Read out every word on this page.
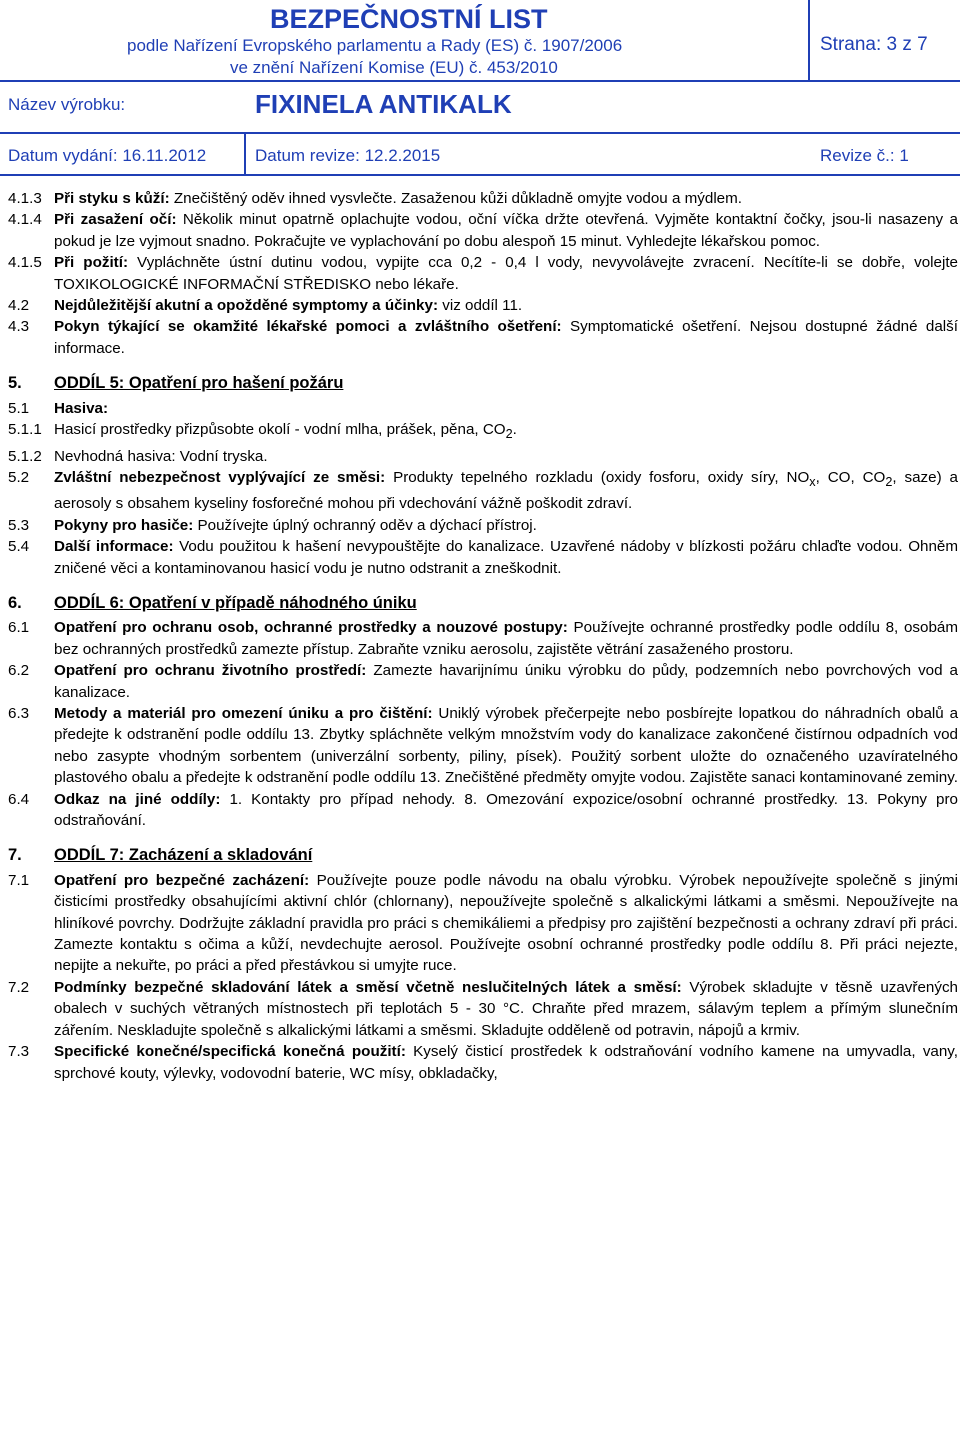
BEZPEČNOSTNÍ LIST
podle Nařízení Evropského parlamentu a Rady (ES) č. 1907/2006
ve znění Nařízení Komise (EU) č. 453/2010
Strana: 3 z 7
Název výrobku:	FIXINELA ANTIKALK
Datum vydání: 16.11.2012	Datum revize: 12.2.2015	Revize č.: 1
4.1.3 Při styku s kůží: Znečištěný oděv ihned vysvlečte. Zasaženou kůži důkladně omyjte vodou a mýdlem.
4.1.4 Při zasažení očí: Několik minut opatrně oplachujte vodou, oční víčka držte otevřená. Vyjměte kontaktní čočky, jsou-li nasazeny a pokud je lze vyjmout snadno. Pokračujte ve vyplachování po dobu alespoň 15 minut. Vyhledejte lékařskou pomoc.
4.1.5 Při požití: Vypláchněte ústní dutinu vodou, vypijte cca 0,2 - 0,4 l vody, nevyvolávejte zvracení. Necítíte-li se dobře, volejte TOXIKOLOGICKÉ INFORMAČNÍ STŘEDISKO nebo lékaře.
4.2	Nejdůležitější akutní a opožděné symptomy a účinky: viz oddíl 11.
4.3	Pokyn týkající se okamžité lékařské pomoci a zvláštního ošetření: Symptomatické ošetření. Nejsou dostupné žádné další informace.
5.	ODDÍL 5: Opatření pro hašení požáru
5.1	Hasiva:
5.1.1 Hasicí prostředky přizpůsobte okolí - vodní mlha, prášek, pěna, $CO_2$.
5.1.2 Nevhodná hasiva: Vodní tryska.
5.2	Zvláštní nebezpečnost vyplývající ze směsi: Produkty tepelného rozkladu (oxidy fosforu, oxidy síry, $NO_x$, CO, $CO_2$, saze) a aerosoly s obsahem kyseliny fosforečné mohou při vdechování vážně poškodit zdraví.
5.3	Pokyny pro hasiče: Používejte úplný ochranný oděv a dýchací přístroj.
5.4	Další informace: Vodu použitou k hašení nevypouštějte do kanalizace. Uzavřené nádoby v blízkosti požáru chlaďte vodou. Ohněm zničené věci a kontaminovanou hasicí vodu je nutno odstranit a zneškodnit.
6.	ODDÍL 6: Opatření v případě náhodného úniku
6.1	Opatření pro ochranu osob, ochranné prostředky a nouzové postupy: Používejte ochranné prostředky podle oddílu 8, osobám bez ochranných prostředků zamezte přístup. Zabraňte vzniku aerosolu, zajistěte větrání zasaženého prostoru.
6.2	Opatření pro ochranu životního prostředí: Zamezte havarijnímu úniku výrobku do půdy, podzemních nebo povrchových vod a kanalizace.
6.3	Metody a materiál pro omezení úniku a pro čištění: Uniklý výrobek přečerpejte nebo posbírejte lopatkou do náhradních obalů a předejte k odstranění podle oddílu 13. Zbytky spláchněte velkým množstvím vody do kanalizace zakončené čistírnou odpadních vod nebo zasypte vhodným sorbentem (univerzální sorbenty, piliny, písek). Použitý sorbent uložte do označeného uzavíratelného plastového obalu a předejte k odstranění podle oddílu 13. Znečištěné předměty omyjte vodou. Zajistěte sanaci kontaminované zeminy.
6.4	Odkaz na jiné oddíly: 1. Kontakty pro případ nehody. 8. Omezování expozice/osobní ochranné prostředky. 13. Pokyny pro odstraňování.
7.	ODDÍL 7: Zacházení a skladování
7.1	Opatření pro bezpečné zacházení: Používejte pouze podle návodu na obalu výrobku. Výrobek nepoužívejte společně s jinými čisticími prostředky obsahujícími aktivní chlór (chlornany), nepoužívejte společně s alkalickými látkami a směsmi. Nepoužívejte na hliníkové povrchy. Dodržujte základní pravidla pro práci s chemikáliemi a předpisy pro zajištění bezpečnosti a ochrany zdraví při práci. Zamezte kontaktu s očima a kůží, nevdechujte aerosol. Používejte osobní ochranné prostředky podle oddílu 8. Při práci nejezte, nepijte a nekuřte, po práci a před přestávkou si umyjte ruce.
7.2	Podmínky bezpečné skladování látek a směsí včetně neslučitelných látek a směsí: Výrobek skladujte v těsně uzavřených obalech v suchých větraných místnostech při teplotách 5 - 30 °C. Chraňte před mrazem, sálavým teplem a přímým slunečním zářením. Neskladujte společně s alkalickými látkami a směsmi. Skladujte odděleně od potravin, nápojů a krmiv.
7.3	Specifické konečné/specifická konečná použití: Kyselý čisticí prostředek k odstraňování vodního kamene na umyvadla, vany, sprchové kouty, výlevky, vodovodní baterie, WC mísy, obkladačky,
